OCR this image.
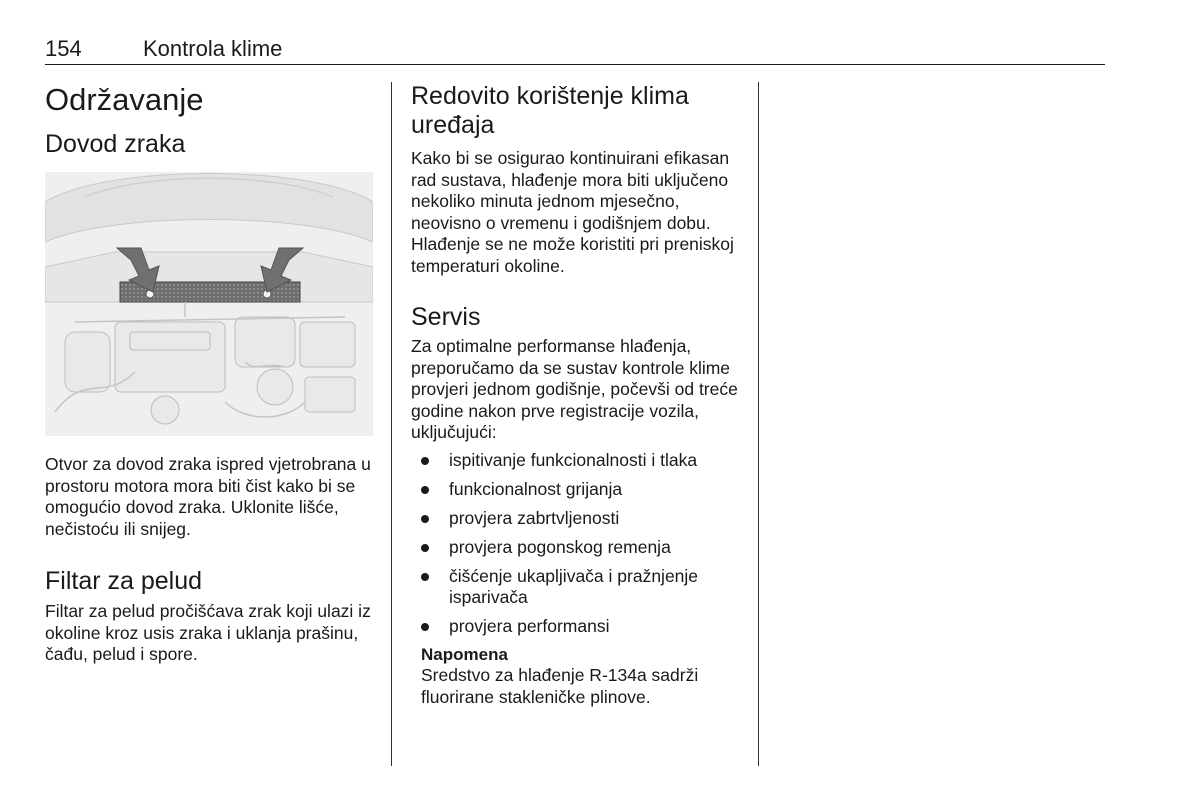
154	Kontrola klime
Održavanje
Dovod zraka

Otvor za dovod zraka ispred vjetrobrana u prostoru motora mora biti čist kako bi se omogućio dovod zraka. Uklonite lišće, nečistoću ili snijeg.

Filtar za pelud

Filtar za pelud pročišćava zrak koji ulazi iz okoline kroz usis zraka i uklanja prašinu, čađu, pelud i spore.

Redovito korištenje klima uređaja

Kako bi se osigurao kontinuirani efikasan rad sustava, hlađenje mora biti uključeno nekoliko minuta jednom mjesečno, neovisno o vremenu i godišnjem dobu. Hlađenje se ne može koristiti pri preniskoj temperaturi okoline.

Servis

Za optimalne performanse hlađenja, preporučamo da se sustav kontrole klime provjeri jednom godišnje, počevši od treće godine nakon prve registracije vozila, uključujući:

ispitivanje funkcionalnosti i tlaka
funkcionalnost grijanja
provjera zabrtvljenosti
provjera pogonskog remenja
čišćenje ukapljivača i pražnjenje isparivača
provjera performansi
Napomena

Sredstvo za hlađenje R-134a sadrži fluorirane stakleničke plinove.
